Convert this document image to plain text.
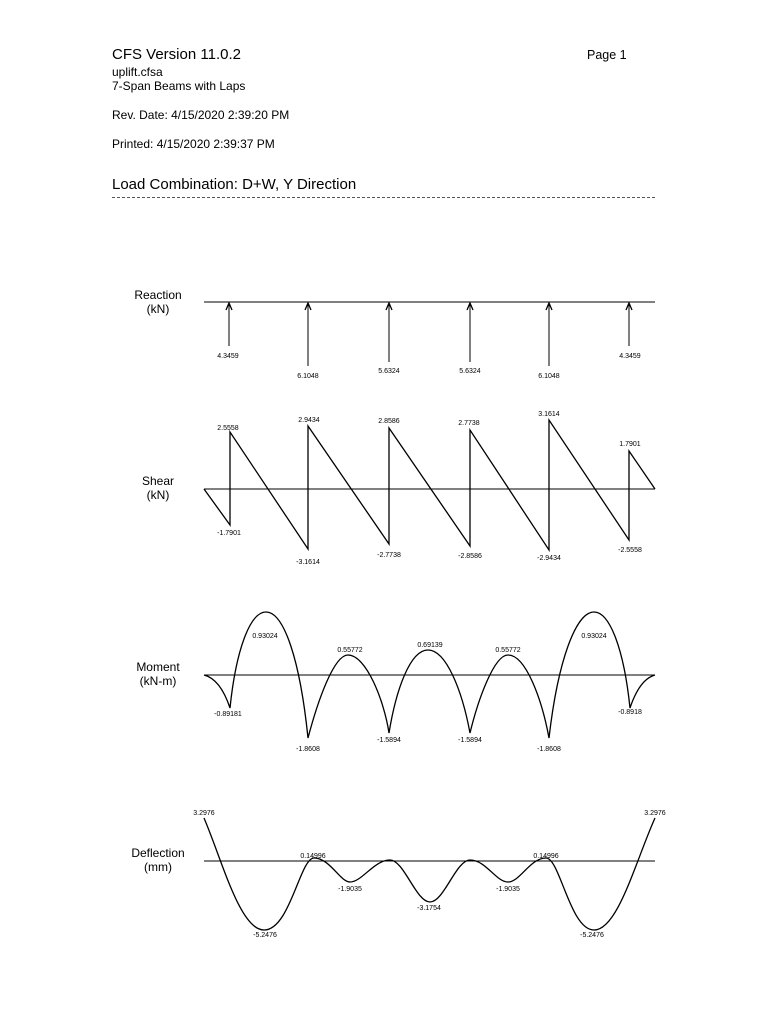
CFS Version 11.0.2	Page 1
uplift.cfsa
7-Span Beams with Laps
Rev. Date: 4/15/2020 2:39:20 PM
Printed: 4/15/2020 2:39:37 PM
Load Combination: D+W, Y Direction
Reaction
(kN)
4.3459
6.1048
5.6324	5.6324
6.1048
4.3459
Shear
(kN)
-1.7901
-3.1614
-2.7738	-2.8586	-2.9434
-2.5558
2.5558
2.9434	2.8586	2.7738
3.1614
1.7901
Moment
(kN-m)
0.93024
0.55772
0.69139
0.55772
0.93024
-0.89181
-1.8608
-1.5894	-1.5894
-1.8608
-0.8918
Deflection
(mm)
3.2976
-5.2476
0.14996
-1.9035
-3.1754
-1.9035
0.14996
-5.2476
3.2976
